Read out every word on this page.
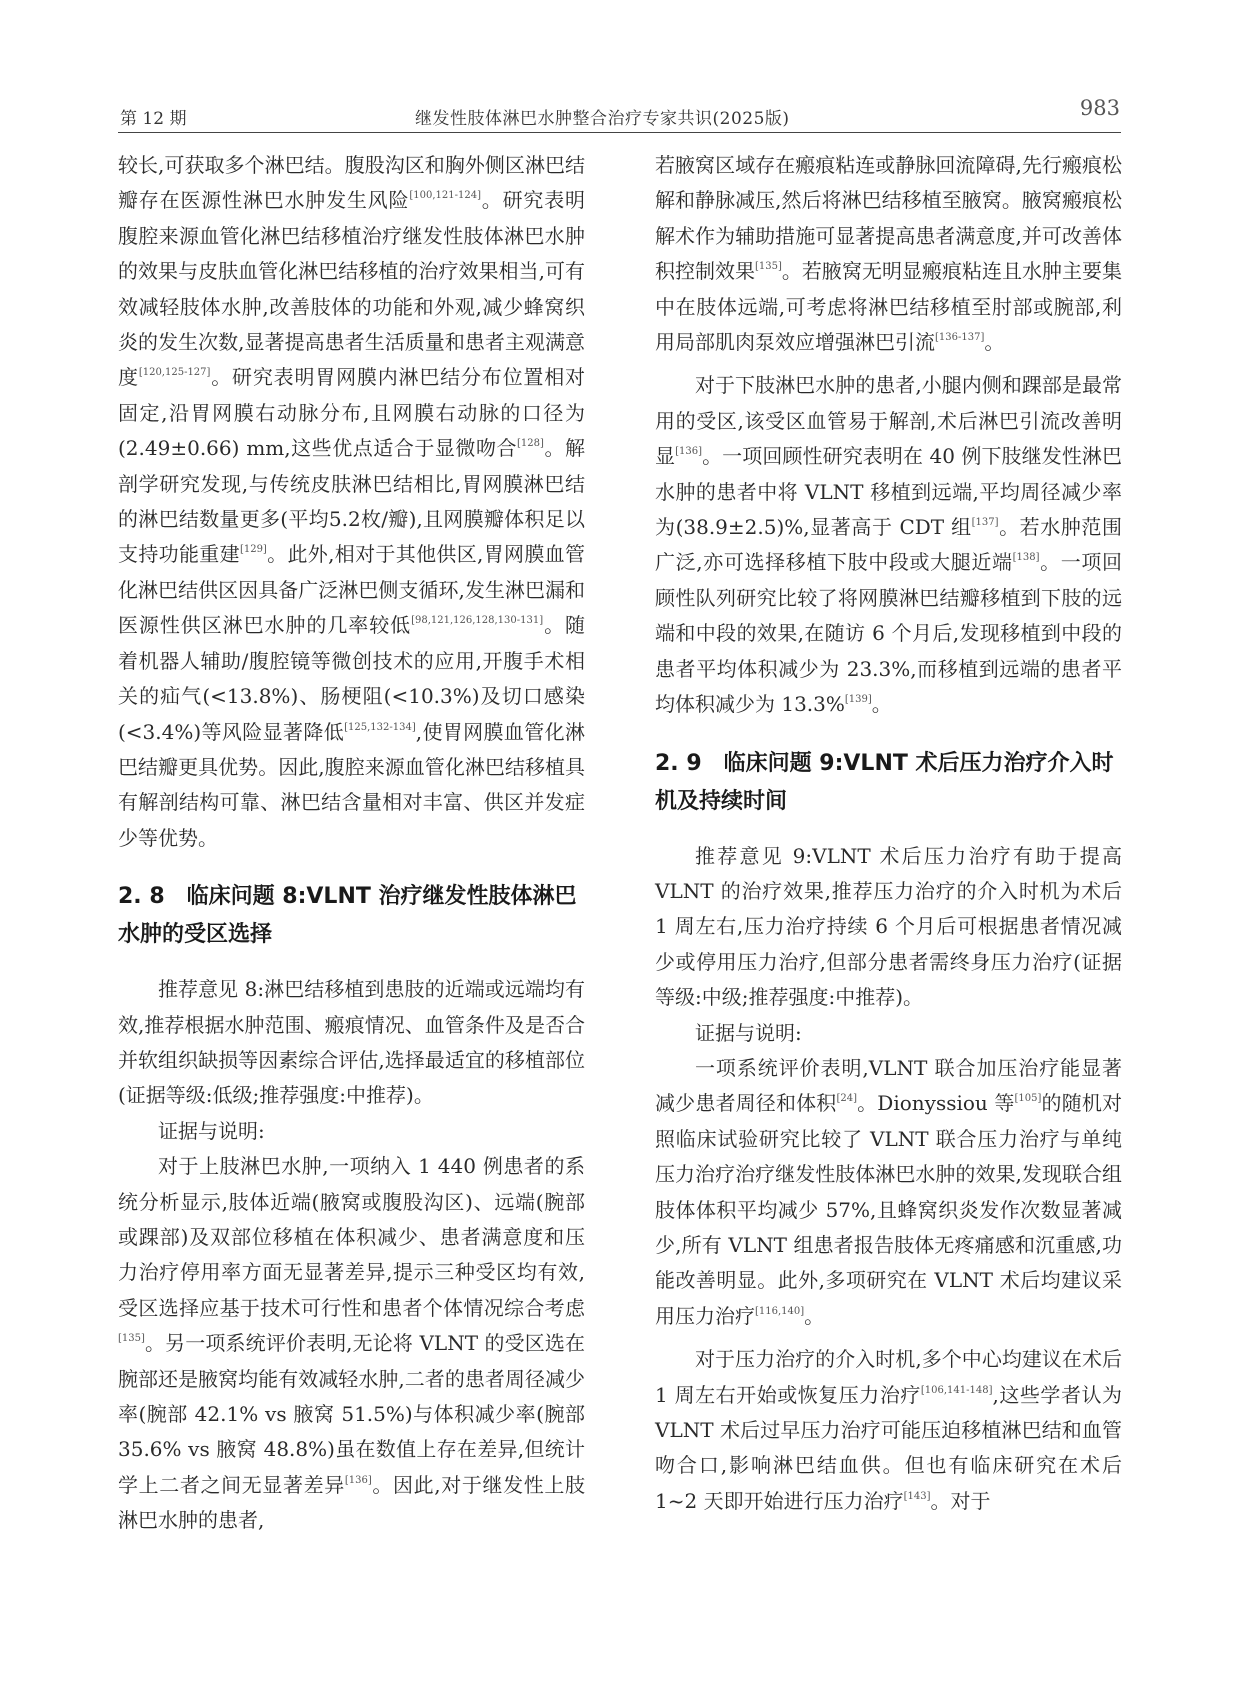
第 12 期	继发性肢体淋巴水肿整合治疗专家共识(2025版)	983

较长,可获取多个淋巴结。腹股沟区和胸外侧区淋巴结瓣存在医源性淋巴水肿发生风险[100,121-124]。研究表明腹腔来源血管化淋巴结移植治疗继发性肢体淋巴水肿的效果与皮肤血管化淋巴结移植的治疗效果相当,可有效减轻肢体水肿,改善肢体的功能和外观,减少蜂窝织炎的发生次数,显著提高患者生活质量和患者主观满意度[120,125-127]。研究表明胃网膜内淋巴结分布位置相对固定,沿胃网膜右动脉分布,且网膜右动脉的口径为(2.49±0.66) mm,这些优点适合于显微吻合[128]。解剖学研究发现,与传统皮肤淋巴结相比,胃网膜淋巴结的淋巴结数量更多(平均5.2枚/瓣),且网膜瓣体积足以支持功能重建[129]。此外,相对于其他供区,胃网膜血管化淋巴结供区因具备广泛淋巴侧支循环,发生淋巴漏和医源性供区淋巴水肿的几率较低[98,121,126,128,130-131]。随着机器人辅助/腹腔镜等微创技术的应用,开腹手术相关的疝气(<13.8%)、肠梗阻(<10.3%)及切口感染(<3.4%)等风险显著降低[125,132-134],使胃网膜血管化淋巴结瓣更具优势。因此,腹腔来源血管化淋巴结移植具有解剖结构可靠、淋巴结含量相对丰富、供区并发症少等优势。

2. 8 临床问题 8:VLNT 治疗继发性肢体淋巴水肿的受区选择

推荐意见 8:淋巴结移植到患肢的近端或远端均有效,推荐根据水肿范围、瘢痕情况、血管条件及是否合并软组织缺损等因素综合评估,选择最适宜的移植部位(证据等级:低级;推荐强度:中推荐)。

证据与说明:

对于上肢淋巴水肿,一项纳入 1 440 例患者的系统分析显示,肢体近端(腋窝或腹股沟区)、远端(腕部或踝部)及双部位移植在体积减少、患者满意度和压力治疗停用率方面无显著差异,提示三种受区均有效,受区选择应基于技术可行性和患者个体情况综合考虑[135]。另一项系统评价表明,无论将 VLNT 的受区选在腕部还是腋窝均能有效减轻水肿,二者的患者周径减少率(腕部 42.1% vs 腋窝 51.5%)与体积减少率(腕部 35.6% vs 腋窝 48.8%)虽在数值上存在差异,但统计学上二者之间无显著差异[136]。因此,对于继发性上肢淋巴水肿的患者,

若腋窝区域存在瘢痕粘连或静脉回流障碍,先行瘢痕松解和静脉减压,然后将淋巴结移植至腋窝。腋窝瘢痕松解术作为辅助措施可显著提高患者满意度,并可改善体积控制效果[135]。若腋窝无明显瘢痕粘连且水肿主要集中在肢体远端,可考虑将淋巴结移植至肘部或腕部,利用局部肌肉泵效应增强淋巴引流[136-137]。

对于下肢淋巴水肿的患者,小腿内侧和踝部是最常用的受区,该受区血管易于解剖,术后淋巴引流改善明显[136]。一项回顾性研究表明在 40 例下肢继发性淋巴水肿的患者中将 VLNT 移植到远端,平均周径减少率为(38.9±2.5)%,显著高于 CDT 组[137]。若水肿范围广泛,亦可选择移植下肢中段或大腿近端[138]。一项回顾性队列研究比较了将网膜淋巴结瓣移植到下肢的远端和中段的效果,在随访 6 个月后,发现移植到中段的患者平均体积减少为 23.3%,而移植到远端的患者平均体积减少为 13.3%[139]。

2. 9 临床问题 9:VLNT 术后压力治疗介入时机及持续时间

推荐意见 9:VLNT 术后压力治疗有助于提高 VLNT 的治疗效果,推荐压力治疗的介入时机为术后 1 周左右,压力治疗持续 6 个月后可根据患者情况减少或停用压力治疗,但部分患者需终身压力治疗(证据等级:中级;推荐强度:中推荐)。

证据与说明:

一项系统评价表明,VLNT 联合加压治疗能显著减少患者周径和体积[24]。Dionyssiou 等[105]的随机对照临床试验研究比较了 VLNT 联合压力治疗与单纯压力治疗治疗继发性肢体淋巴水肿的效果,发现联合组肢体体积平均减少 57%,且蜂窝织炎发作次数显著减少,所有 VLNT 组患者报告肢体无疼痛感和沉重感,功能改善明显。此外,多项研究在 VLNT 术后均建议采用压力治疗[116,140]。

对于压力治疗的介入时机,多个中心均建议在术后 1 周左右开始或恢复压力治疗[106,141-148],这些学者认为 VLNT 术后过早压力治疗可能压迫移植淋巴结和血管吻合口,影响淋巴结血供。但也有临床研究在术后 1~2 天即开始进行压力治疗[143]。对于
